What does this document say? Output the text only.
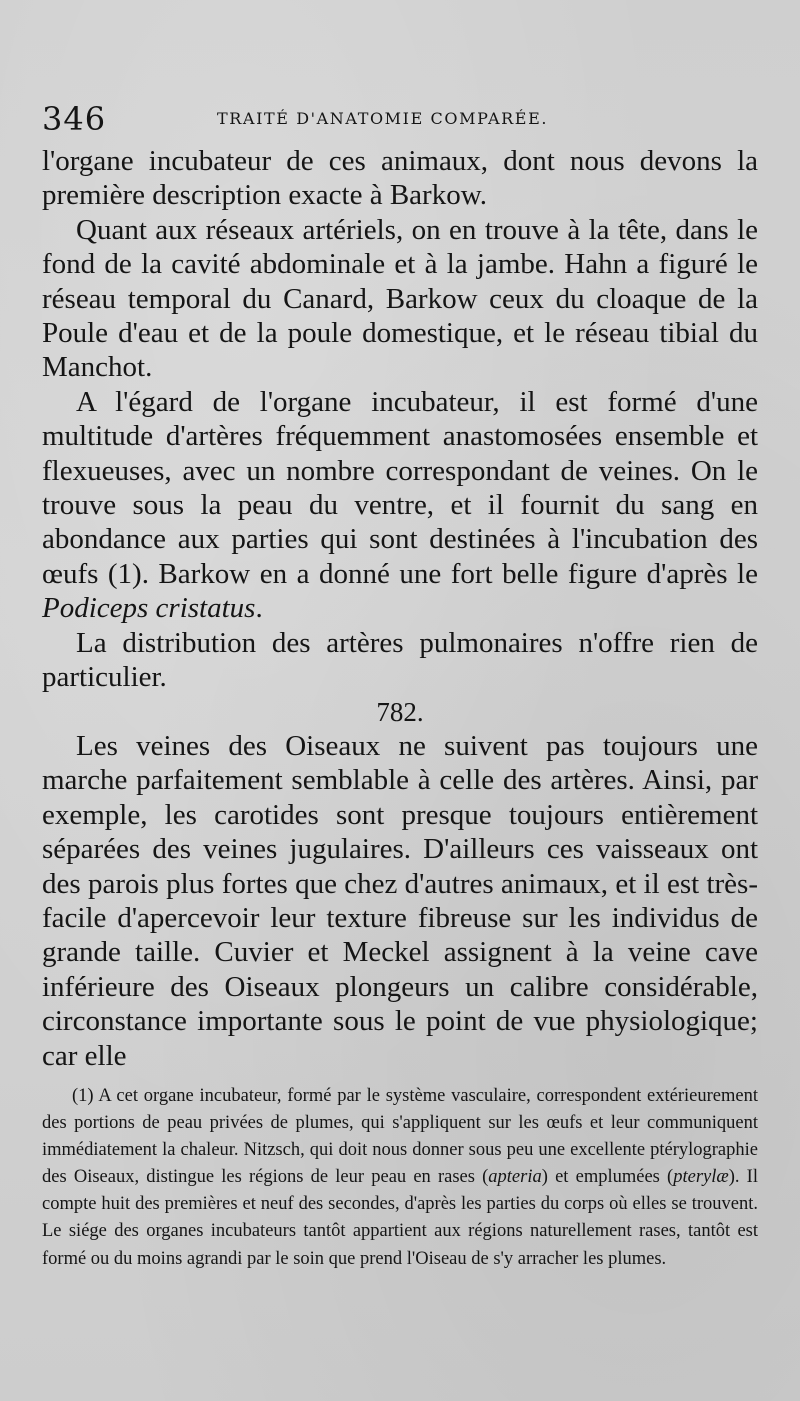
346	TRAITÉ D'ANATOMIE COMPARÉE.

l'organe incubateur de ces animaux, dont nous devons la première description exacte à Barkow.

Quant aux réseaux artériels, on en trouve à la tête, dans le fond de la cavité abdominale et à la jambe. Hahn a figuré le réseau temporal du Canard, Barkow ceux du cloaque de la Poule d'eau et de la poule domestique, et le réseau tibial du Manchot.

A l'égard de l'organe incubateur, il est formé d'une multitude d'artères fréquemment anastomosées ensemble et flexueuses, avec un nombre correspondant de veines. On le trouve sous la peau du ventre, et il fournit du sang en abondance aux parties qui sont destinées à l'incubation des œufs (1). Barkow en a donné une fort belle figure d'après le Podiceps cristatus.

La distribution des artères pulmonaires n'offre rien de particulier.

782.

Les veines des Oiseaux ne suivent pas toujours une marche parfaitement semblable à celle des artères. Ainsi, par exemple, les carotides sont presque toujours entièrement séparées des veines jugulaires. D'ailleurs ces vaisseaux ont des parois plus fortes que chez d'autres animaux, et il est très-facile d'apercevoir leur texture fibreuse sur les individus de grande taille. Cuvier et Meckel assignent à la veine cave inférieure des Oiseaux plongeurs un calibre considérable, circonstance importante sous le point de vue physiologique; car elle

(1) A cet organe incubateur, formé par le système vasculaire, correspondent extérieurement des portions de peau privées de plumes, qui s'appliquent sur les œufs et leur communiquent immédiatement la chaleur. Nitzsch, qui doit nous donner sous peu une excellente ptérylographie des Oiseaux, distingue les régions de leur peau en rases (apteria) et emplumées (pterylæ). Il compte huit des premières et neuf des secondes, d'après les parties du corps où elles se trouvent. Le siége des organes incubateurs tantôt appartient aux régions naturellement rases, tantôt est formé ou du moins agrandi par le soin que prend l'Oiseau de s'y arracher les plumes.
